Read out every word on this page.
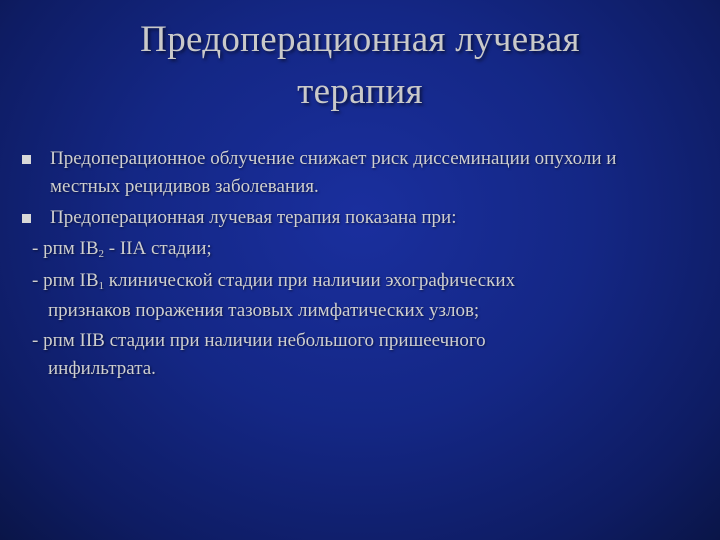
Предоперационная лучевая
терапия
Предоперационное облучение снижает риск диссеминации опухоли и местных рецидивов заболевания.
Предоперационная лучевая терапия показана при:
- рпм $IB_2$ - IIА стадии;
- рпм $IB_1$ клинической стадии при наличии эхографических
признаков поражения тазовых лимфатических узлов;
- рпм IIВ стадии при наличии небольшого пришеечного
инфильтрата.
